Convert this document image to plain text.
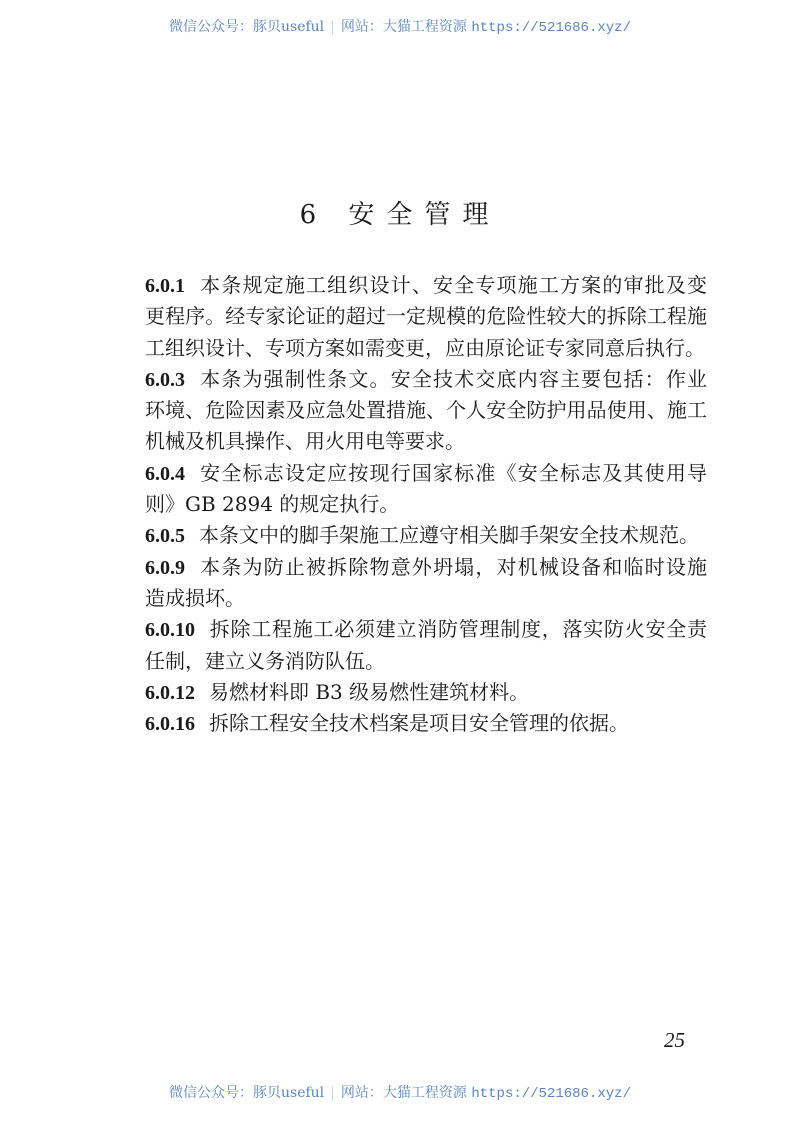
微信公众号：豚贝useful | 网站：大猫工程资源 https://521686.xyz/
6 安全管理
6.0.1 本条规定施工组织设计、安全专项施工方案的审批及变
更程序。经专家论证的超过一定规模的危险性较大的拆除工程施
工组织设计、专项方案如需变更，应由原论证专家同意后执行。
6.0.3 本条为强制性条文。安全技术交底内容主要包括：作业
环境、危险因素及应急处置措施、个人安全防护用品使用、施工
机械及机具操作、用火用电等要求。
6.0.4 安全标志设定应按现行国家标准《安全标志及其使用导
则》GB 2894 的规定执行。
6.0.5 本条文中的脚手架施工应遵守相关脚手架安全技术规范。
6.0.9 本条为防止被拆除物意外坍塌，对机械设备和临时设施
造成损坏。
6.0.10 拆除工程施工必须建立消防管理制度，落实防火安全责
任制，建立义务消防队伍。
6.0.12 易燃材料即 B3 级易燃性建筑材料。
6.0.16 拆除工程安全技术档案是项目安全管理的依据。
25
微信公众号：豚贝useful | 网站：大猫工程资源 https://521686.xyz/
